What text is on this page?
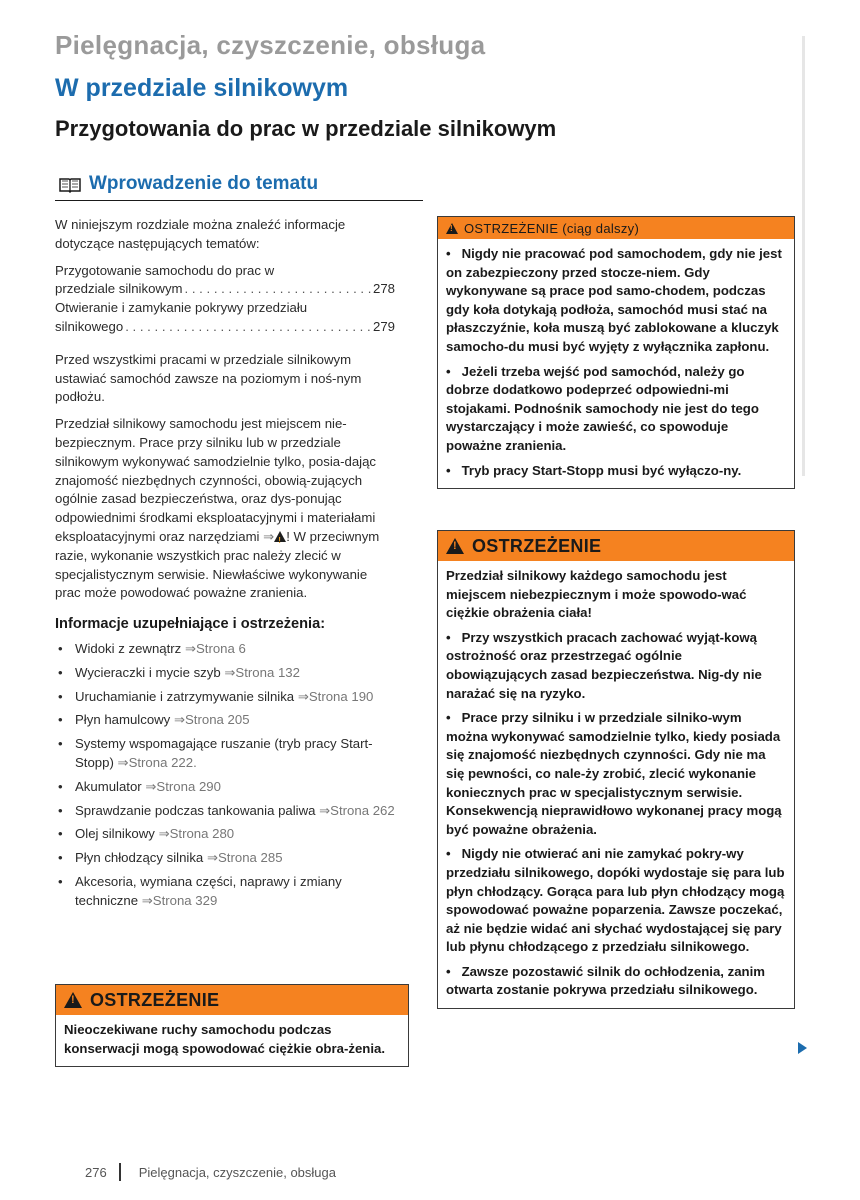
Pielęgnacja, czyszczenie, obsługa
W przedziale silnikowym
Przygotowania do prac w przedziale silnikowym
Wprowadzenie do tematu

W niniejszym rozdziale można znaleźć informacje dotyczące następujących tematów:

Przygotowanie samochodu do prac w
przedziale silnikowym . . .	278
Otwieranie i zamykanie pokrywy przedziału
silnikowego . . .	279

Przed wszystkimi pracami w przedziale silnikowym ustawiać samochód zawsze na poziomym i noś-nym podłożu.

Przedział silnikowy samochodu jest miejscem nie-bezpiecznym. Prace przy silniku lub w przedziale silnikowym wykonywać samodzielnie tylko, posia-dając znajomość niezbędnych czynności, obowią-zujących ogólnie zasad bezpieczeństwa, oraz dys-ponując odpowiednimi środkami eksploatacyjnymi i materiałami eksploatacyjnymi oraz narzędziami ⇒ ! ! W przeciwnym razie, wykonanie wszystkich prac należy zlecić w specjalistycznym serwisie. Niewłaściwe wykonywanie prac może powodować poważne zranienia.

Informacje uzupełniające i ostrzeżenia:
• Widoki z zewnątrz ⇒Strona 6
• Wycieraczki i mycie szyb ⇒Strona 132
• Uruchamianie i zatrzymywanie silnika ⇒Strona 190
• Płyn hamulcowy ⇒Strona 205
• Systemy wspomagające ruszanie (tryb pracy Start-Stopp) ⇒Strona 222.
• Akumulator ⇒Strona 290
• Sprawdzanie podczas tankowania paliwa ⇒Strona 262
• Olej silnikowy ⇒Strona 280
• Płyn chłodzący silnika ⇒Strona 285
• Akcesoria, wymiana części, naprawy i zmiany techniczne ⇒Strona 329
!
OSTRZEŻENIE

Nieoczekiwane ruchy samochodu podczas konserwacji mogą spowodować ciężkie obra-żenia.

!
OSTRZEŻENIE (ciąg dalszy)

•   Nigdy nie pracować pod samochodem, gdy nie jest on zabezpieczony przed stocze-niem. Gdy wykonywane są prace pod samo-chodem, podczas gdy koła dotykają podłoża, samochód musi stać na płaszczyźnie, koła muszą być zablokowane a kluczyk samocho-du musi być wyjęty z wyłącznika zapłonu.

•   Jeżeli trzeba wejść pod samochód, należy go dobrze dodatkowo podeprzeć odpowiedni-mi stojakami. Podnośnik samochody nie jest do tego wystarczający i może zawieść, co spowoduje poważne zranienia.

•   Tryb pracy Start-Stopp musi być wyłączo-ny.

!
OSTRZEŻENIE

Przedział silnikowy każdego samochodu jest miejscem niebezpiecznym i może spowodo-wać ciężkie obrażenia ciała!

•   Przy wszystkich pracach zachować wyjąt-kową ostrożność oraz przestrzegać ogólnie obowiązujących zasad bezpieczeństwa. Nig-dy nie narażać się na ryzyko.

•   Prace przy silniku i w przedziale silniko-wym można wykonywać samodzielnie tylko, kiedy posiada się znajomość niezbędnych czynności. Gdy nie ma się pewności, co nale-ży zrobić, zlecić wykonanie koniecznych prac w specjalistycznym serwisie. Konsekwencją nieprawidłowo wykonanej pracy mogą być poważne obrażenia.

•   Nigdy nie otwierać ani nie zamykać pokry-wy przedziału silnikowego, dopóki wydostaje się para lub płyn chłodzący. Gorąca para lub płyn chłodzący mogą spowodować poważne poparzenia. Zawsze poczekać, aż nie będzie widać ani słychać wydostającej się pary lub płynu chłodzącego z przedziału silnikowego.

•   Zawsze pozostawić silnik do ochłodzenia, zanim otwarta zostanie pokrywa przedziału silnikowego.

276 Pielęgnacja, czyszczenie, obsługa
